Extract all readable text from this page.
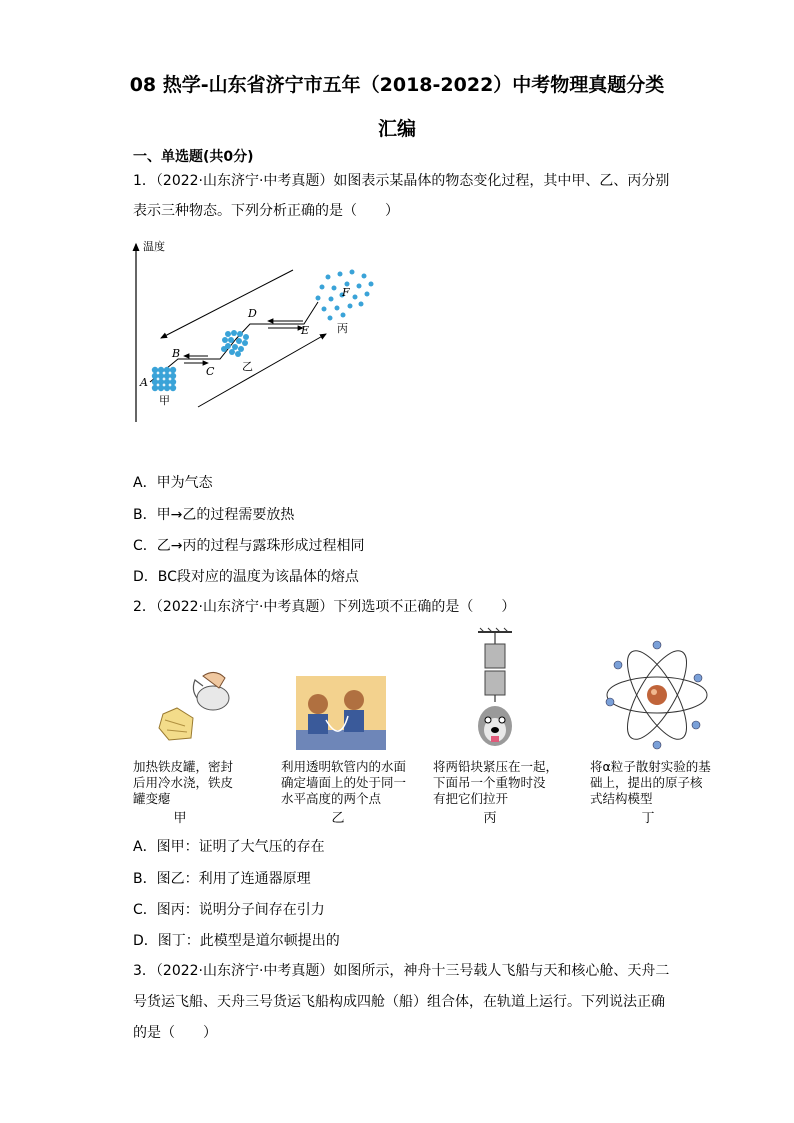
08 热学-山东省济宁市五年（2018-2022）中考物理真题分类
汇编
一、单选题(共0分)
1．（2022·山东济宁·中考真题）如图表示某晶体的物态变化过程，其中甲、乙、丙分别
表示三种物态。下列分析正确的是（　　）
温度
A
B
C
D
E
F
甲
乙
丙
A．甲为气态
B．甲→乙的过程需要放热
C．乙→丙的过程与露珠形成过程相同
D．BC段对应的温度为该晶体的熔点
2．（2022·山东济宁·中考真题）下列选项不正确的是（　　）
加热铁皮罐，密封
后用冷水浇，铁皮
罐变瘪
利用透明软管内的水面
确定墙面上的处于同一
水平高度的两个点
将两铅块紧压在一起，
下面吊一个重物时没
有把它们拉开
将α粒子散射实验的基
础上，提出的原子核
式结构模型
甲	乙	丙	丁
A．图甲：证明了大气压的存在
B．图乙：利用了连通器原理
C．图丙：说明分子间存在引力
D．图丁：此模型是道尔顿提出的
3．（2022·山东济宁·中考真题）如图所示，神舟十三号载人飞船与天和核心舱、天舟二
号货运飞船、天舟三号货运飞船构成四舱（船）组合体，在轨道上运行。下列说法正确
的是（　　）
